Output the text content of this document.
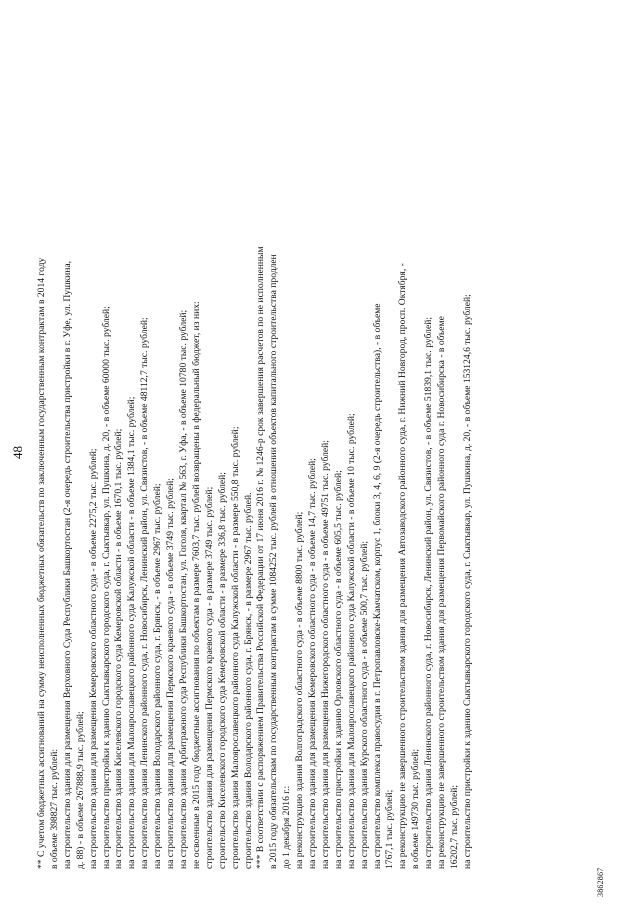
48 ** С учетом бюджетных ассигнований на сумму неисполненных бюджетных обязательств по заключенным государственным контрактам в 2014 году в объеме 398827 тыс. рублей: на строительство здания для размещения Верховного Суда Республики Башкортостан (2-я очередь строительства пристройки в г. Уфе, ул. Пушкина, д. 88) - в объеме 267888,9 тыс. рублей; на строительство здания для размещения Кемеровского областного суда - в объеме 2275,2 тыс. рублей; на строительство пристройки к зданию Сыктывкарского городского суда, г. Сыктывкар, ул. Пушкина, д. 20, - в объеме 60000 тыс. рублей; на строительство здания Киселевского городского суда Кемеровской области - в объеме 1670,1 тыс. рублей; на строительство здания для Малоярославецкого районного суда Калужской области - в объеме 1384,1 тыс. рублей; на строительство здания Ленинского районного суда, г. Новосибирск, Ленинский район, ул. Связистов, - в объеме 48112,7 тыс. рублей; на строительство здания Володарского районного суда, г. Брянск, - в объеме 2967 тыс. рублей; на строительство здания для размещения Пермского краевого суда - в объеме 3749 тыс. рублей; на строительство здания Арбитражного суда Республики Башкортостан, ул. Гоголя, квартал № 563, г. Уфа, - в объеме 10780 тыс. рублей; не освоенные в 2015 году бюджетные ассигнования по объектам в размере 7603,7 тыс. рублей возвращены в федеральный бюджет, из них: строительство здания для размещения Пермского краевого суда - в размере 3749 тыс. рублей; строительство Киселевского городского суда Кемеровской области - в размере 336,8 тыс. рублей; строительство здания Малоярославецкого районного суда Калужской области - в размере 550,8 тыс. рублей; строительство здания Володарского районного суда, г. Брянск, - в размере 2967 тыс. рублей. *** В соответствии с распоряжением Правительства Российской Федерации от 17 июня 2016 г. № 1246-р срок завершения расчетов по не исполненным в 2015 году обязательствам по государственным контрактам в сумме 1084252 тыс. рублей в отношении объектов капитального строительства продлен до 1 декабря 2016 г.: на реконструкцию здания Волгоградского областного суда - в объеме 8800 тыс. рублей; на строительство здания для размещения Кемеровского областного суда - в объеме 14,7 тыс. рублей; на строительство здания для размещения Нижегородского областного суда - в объеме 49751 тыс. рублей; на строительство пристройки к зданию Орловского областного суда - в объеме 605,5 тыс. рублей; на строительство здания для Малоярославецкого районного суда Калужской области - в объеме 10 тыс. рублей; на строительство здания Курского областного суда - в объеме 500,7 тыс. рублей; на строительство комплекса правосудия в г. Петропавловске-Камчатском, корпус 1, блоки 3, 4, 6, 9 (2-я очередь строительства), - в объеме 1767,1 тыс. рублей; на реконструкцию не завершенного строительством здания для размещения Автозаводского районного суда, г. Нижний Новгород, просп. Октября, - в объеме 149730 тыс. рублей; на строительство здания Ленинского районного суда, г. Новосибирск, Ленинский район, ул. Связистов, - в объеме 51839,1 тыс. рублей; на реконструкцию не завершенного строительством здания для размещения Первомайского районного суда г. Новосибирска - в объеме 16202,7 тыс. рублей; на строительство пристройки к зданию Сыктывкарского городского суда, г. Сыктывкар, ул. Пушкина, д. 20, - в объеме 153124,6 тыс. рублей;
3862867
